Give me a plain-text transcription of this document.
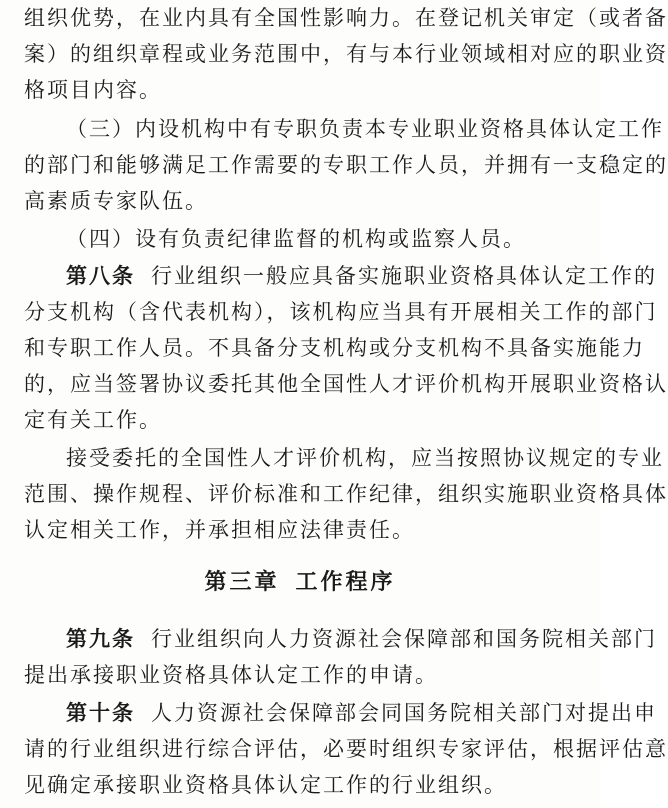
组织优势，在业内具有全国性影响力。在登记机关审定（或者备
案）的组织章程或业务范围中，有与本行业领域相对应的职业资
格项目内容。
（三）内设机构中有专职负责本专业职业资格具体认定工作
的部门和能够满足工作需要的专职工作人员，并拥有一支稳定的
高素质专家队伍。
（四）设有负责纪律监督的机构或监察人员。
第八条 行业组织一般应具备实施职业资格具体认定工作的
分支机构（含代表机构），该机构应当具有开展相关工作的部门
和专职工作人员。不具备分支机构或分支机构不具备实施能力
的，应当签署协议委托其他全国性人才评价机构开展职业资格认
定有关工作。
接受委托的全国性人才评价机构，应当按照协议规定的专业
范围、操作规程、评价标准和工作纪律，组织实施职业资格具体
认定相关工作，并承担相应法律责任。
第三章 工作程序
第九条 行业组织向人力资源社会保障部和国务院相关部门
提出承接职业资格具体认定工作的申请。
第十条 人力资源社会保障部会同国务院相关部门对提出申
请的行业组织进行综合评估，必要时组织专家评估，根据评估意
见确定承接职业资格具体认定工作的行业组织。
